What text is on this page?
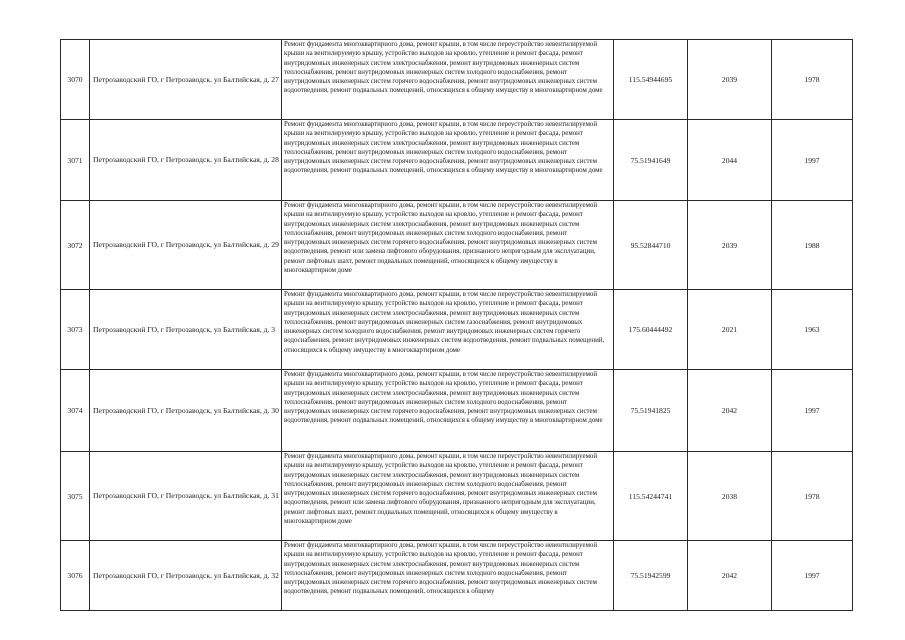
3070	Петрозаводский ГО, г Петрозаводск, ул Балтийская, д. 27	Ремонт фундамента многоквартирного дома, ремонт крыши, в том числе переустройство невентилируемой крыши на вентилируемую крышу, устройство выходов на кровлю, утепление и ремонт фасада, ремонт внутридомовых инженерных систем электроснабжения, ремонт внутридомовых инженерных систем теплоснабжения, ремонт внутридомовых инженерных систем холодного водоснабжения, ремонт внутридомовых инженерных систем горячего водоснабжения, ремонт внутридомовых инженерных систем водоотведения, ремонт подвальных помещений, относящихся к общему имуществу в многоквартирном доме	115.54944695	2039	1978
3071	Петрозаводский ГО, г Петрозаводск, ул Балтийская, д. 28	Ремонт фундамента многоквартирного дома, ремонт крыши, в том числе переустройство невентилируемой крыши на вентилируемую крышу, устройство выходов на кровлю, утепление и ремонт фасада, ремонт внутридомовых инженерных систем электроснабжения, ремонт внутридомовых инженерных систем теплоснабжения, ремонт внутридомовых инженерных систем холодного водоснабжения, ремонт внутридомовых инженерных систем горячего водоснабжения, ремонт внутридомовых инженерных систем водоотведения, ремонт подвальных помещений, относящихся к общему имуществу в многоквартирном доме	75.51941649	2044	1997
3072	Петрозаводский ГО, г Петрозаводск, ул Балтийская, д. 29	Ремонт фундамента многоквартирного дома, ремонт крыши, в том числе переустройство невентилируемой крыши на вентилируемую крышу, устройство выходов на кровлю, утепление и ремонт фасада, ремонт внутридомовых инженерных систем электроснабжения, ремонт внутридомовых инженерных систем теплоснабжения, ремонт внутридомовых инженерных систем холодного водоснабжения, ремонт внутридомовых инженерных систем горячего водоснабжения, ремонт внутридомовых инженерных систем водоотведения, ремонт или замена лифтового оборудования, признанного непригодным для эксплуатации, ремонт лифтовых шахт, ремонт подвальных помещений, относящихся к общему имуществу в многоквартирном доме	95.52844710	2039	1988
3073	Петрозаводский ГО, г Петрозаводск, ул Балтийская, д. 3	Ремонт фундамента многоквартирного дома, ремонт крыши, в том числе переустройство невентилируемой крыши на вентилируемую крышу, устройство выходов на кровлю, утепление и ремонт фасада, ремонт внутридомовых инженерных систем электроснабжения, ремонт внутридомовых инженерных систем теплоснабжения, ремонт внутридомовых инженерных систем газоснабжения, ремонт внутридомовых инженерных систем холодного водоснабжения, ремонт внутридомовых инженерных систем горячего водоснабжения, ремонт внутридомовых инженерных систем водоотведения, ремонт подвальных помещений, относящихся к общему имуществу в многоквартирном доме	175.60444492	2021	1963
3074	Петрозаводский ГО, г Петрозаводск, ул Балтийская, д. 30	Ремонт фундамента многоквартирного дома, ремонт крыши, в том числе переустройство невентилируемой крыши на вентилируемую крышу, устройство выходов на кровлю, утепление и ремонт фасада, ремонт внутридомовых инженерных систем электроснабжения, ремонт внутридомовых инженерных систем теплоснабжения, ремонт внутридомовых инженерных систем холодного водоснабжения, ремонт внутридомовых инженерных систем горячего водоснабжения, ремонт внутридомовых инженерных систем водоотведения, ремонт подвальных помещений, относящихся к общему имуществу в многоквартирном доме	75.51941825	2042	1997
3075	Петрозаводский ГО, г Петрозаводск, ул Балтийская, д. 31	Ремонт фундамента многоквартирного дома, ремонт крыши, в том числе переустройство невентилируемой крыши на вентилируемую крышу, устройство выходов на кровлю, утепление и ремонт фасада, ремонт внутридомовых инженерных систем электроснабжения, ремонт внутридомовых инженерных систем теплоснабжения, ремонт внутридомовых инженерных систем холодного водоснабжения, ремонт внутридомовых инженерных систем горячего водоснабжения, ремонт внутридомовых инженерных систем водоотведения, ремонт или замена лифтового оборудования, признанного непригодным для эксплуатации, ремонт лифтовых шахт, ремонт подвальных помещений, относящихся к общему имуществу в многоквартирном доме	115.54244741	2038	1978
3076	Петрозаводский ГО, г Петрозаводск, ул Балтийская, д. 32	Ремонт фундамента многоквартирного дома, ремонт крыши, в том числе переустройство невентилируемой крыши на вентилируемую крышу, устройство выходов на кровлю, утепление и ремонт фасада, ремонт внутридомовых инженерных систем электроснабжения, ремонт внутридомовых инженерных систем теплоснабжения, ремонт внутридомовых инженерных систем холодного водоснабжения, ремонт внутридомовых инженерных систем горячего водоснабжения, ремонт внутридомовых инженерных систем водоотведения, ремонт подвальных помещений, относящихся к общему	75.51942599	2042	1997
